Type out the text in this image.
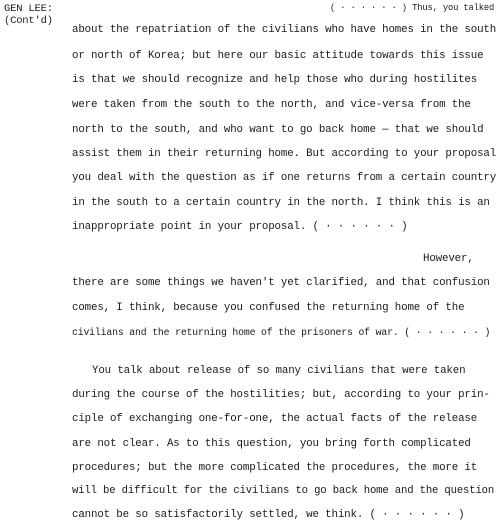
GEN LEE:
(Cont'd)
( · · · · · · ) Thus, you talked
about the repatriation of the civilians who have homes in the south
or north of Korea; but here our basic attitude towards this issue
is that we should recognize and help those who during hostilites
were taken from the south to the north, and vice-versa from the
north to the south, and who want to go back home — that we should
assist them in their returning home. But according to your proposal
you deal with the question as if one returns from a certain country
in the south to a certain country in the north. I think this is an
inappropriate point in your proposal. ( · · · · · · )
However,
there are some things we haven't yet clarified, and that confusion
comes, I think, because you confused the returning home of the
civilians and the returning home of the prisoners of war. ( · · · · · · )
You talk about release of so many civilians that were taken
during the course of the hostilities; but, according to your prin-
ciple of exchanging one-for-one, the actual facts of the release
are not clear. As to this question, you bring forth complicated
procedures; but the more complicated the procedures, the more it
will be difficult for the civilians to go back home and the question
cannot be so satisfactorily settled, we think. ( · · · · · · )
